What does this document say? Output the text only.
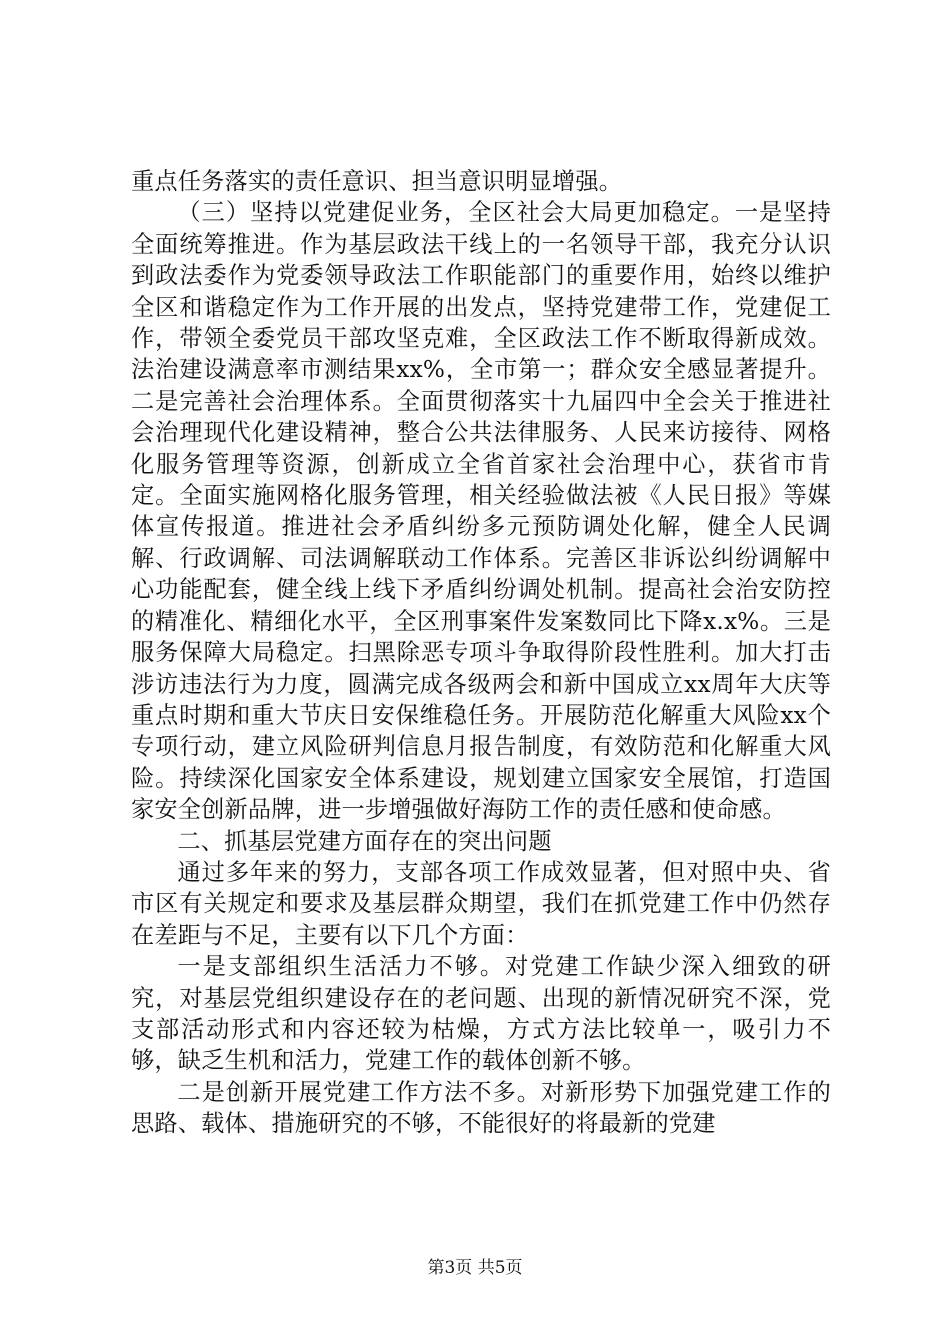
重点任务落实的责任意识、担当意识明显增强。

（三）坚持以党建促业务，全区社会大局更加稳定。一是坚持全面统筹推进。作为基层政法干线上的一名领导干部，我充分认识到政法委作为党委领导政法工作职能部门的重要作用，始终以维护全区和谐稳定作为工作开展的出发点，坚持党建带工作，党建促工作，带领全委党员干部攻坚克难，全区政法工作不断取得新成效。法治建设满意率市测结果xx%，全市第一；群众安全感显著提升。二是完善社会治理体系。全面贯彻落实十九届四中全会关于推进社会治理现代化建设精神，整合公共法律服务、人民来访接待、网格化服务管理等资源，创新成立全省首家社会治理中心，获省市肯定。全面实施网格化服务管理，相关经验做法被《人民日报》等媒体宣传报道。推进社会矛盾纠纷多元预防调处化解，健全人民调解、行政调解、司法调解联动工作体系。完善区非诉讼纠纷调解中心功能配套，健全线上线下矛盾纠纷调处机制。提高社会治安防控的精准化、精细化水平，全区刑事案件发案数同比下降x.x%。三是服务保障大局稳定。扫黑除恶专项斗争取得阶段性胜利。加大打击涉访违法行为力度，圆满完成各级两会和新中国成立xx周年大庆等重点时期和重大节庆日安保维稳任务。开展防范化解重大风险xx个专项行动，建立风险研判信息月报告制度，有效防范和化解重大风险。持续深化国家安全体系建设，规划建立国家安全展馆，打造国家安全创新品牌，进一步增强做好海防工作的责任感和使命感。

二、抓基层党建方面存在的突出问题

通过多年来的努力，支部各项工作成效显著，但对照中央、省市区有关规定和要求及基层群众期望，我们在抓党建工作中仍然存在差距与不足，主要有以下几个方面：

一是支部组织生活活力不够。对党建工作缺少深入细致的研究，对基层党组织建设存在的老问题、出现的新情况研究不深，党支部活动形式和内容还较为枯燥，方式方法比较单一，吸引力不够，缺乏生机和活力，党建工作的载体创新不够。

二是创新开展党建工作方法不多。对新形势下加强党建工作的思路、载体、措施研究的不够，不能很好的将最新的党建

第3页 共5页
